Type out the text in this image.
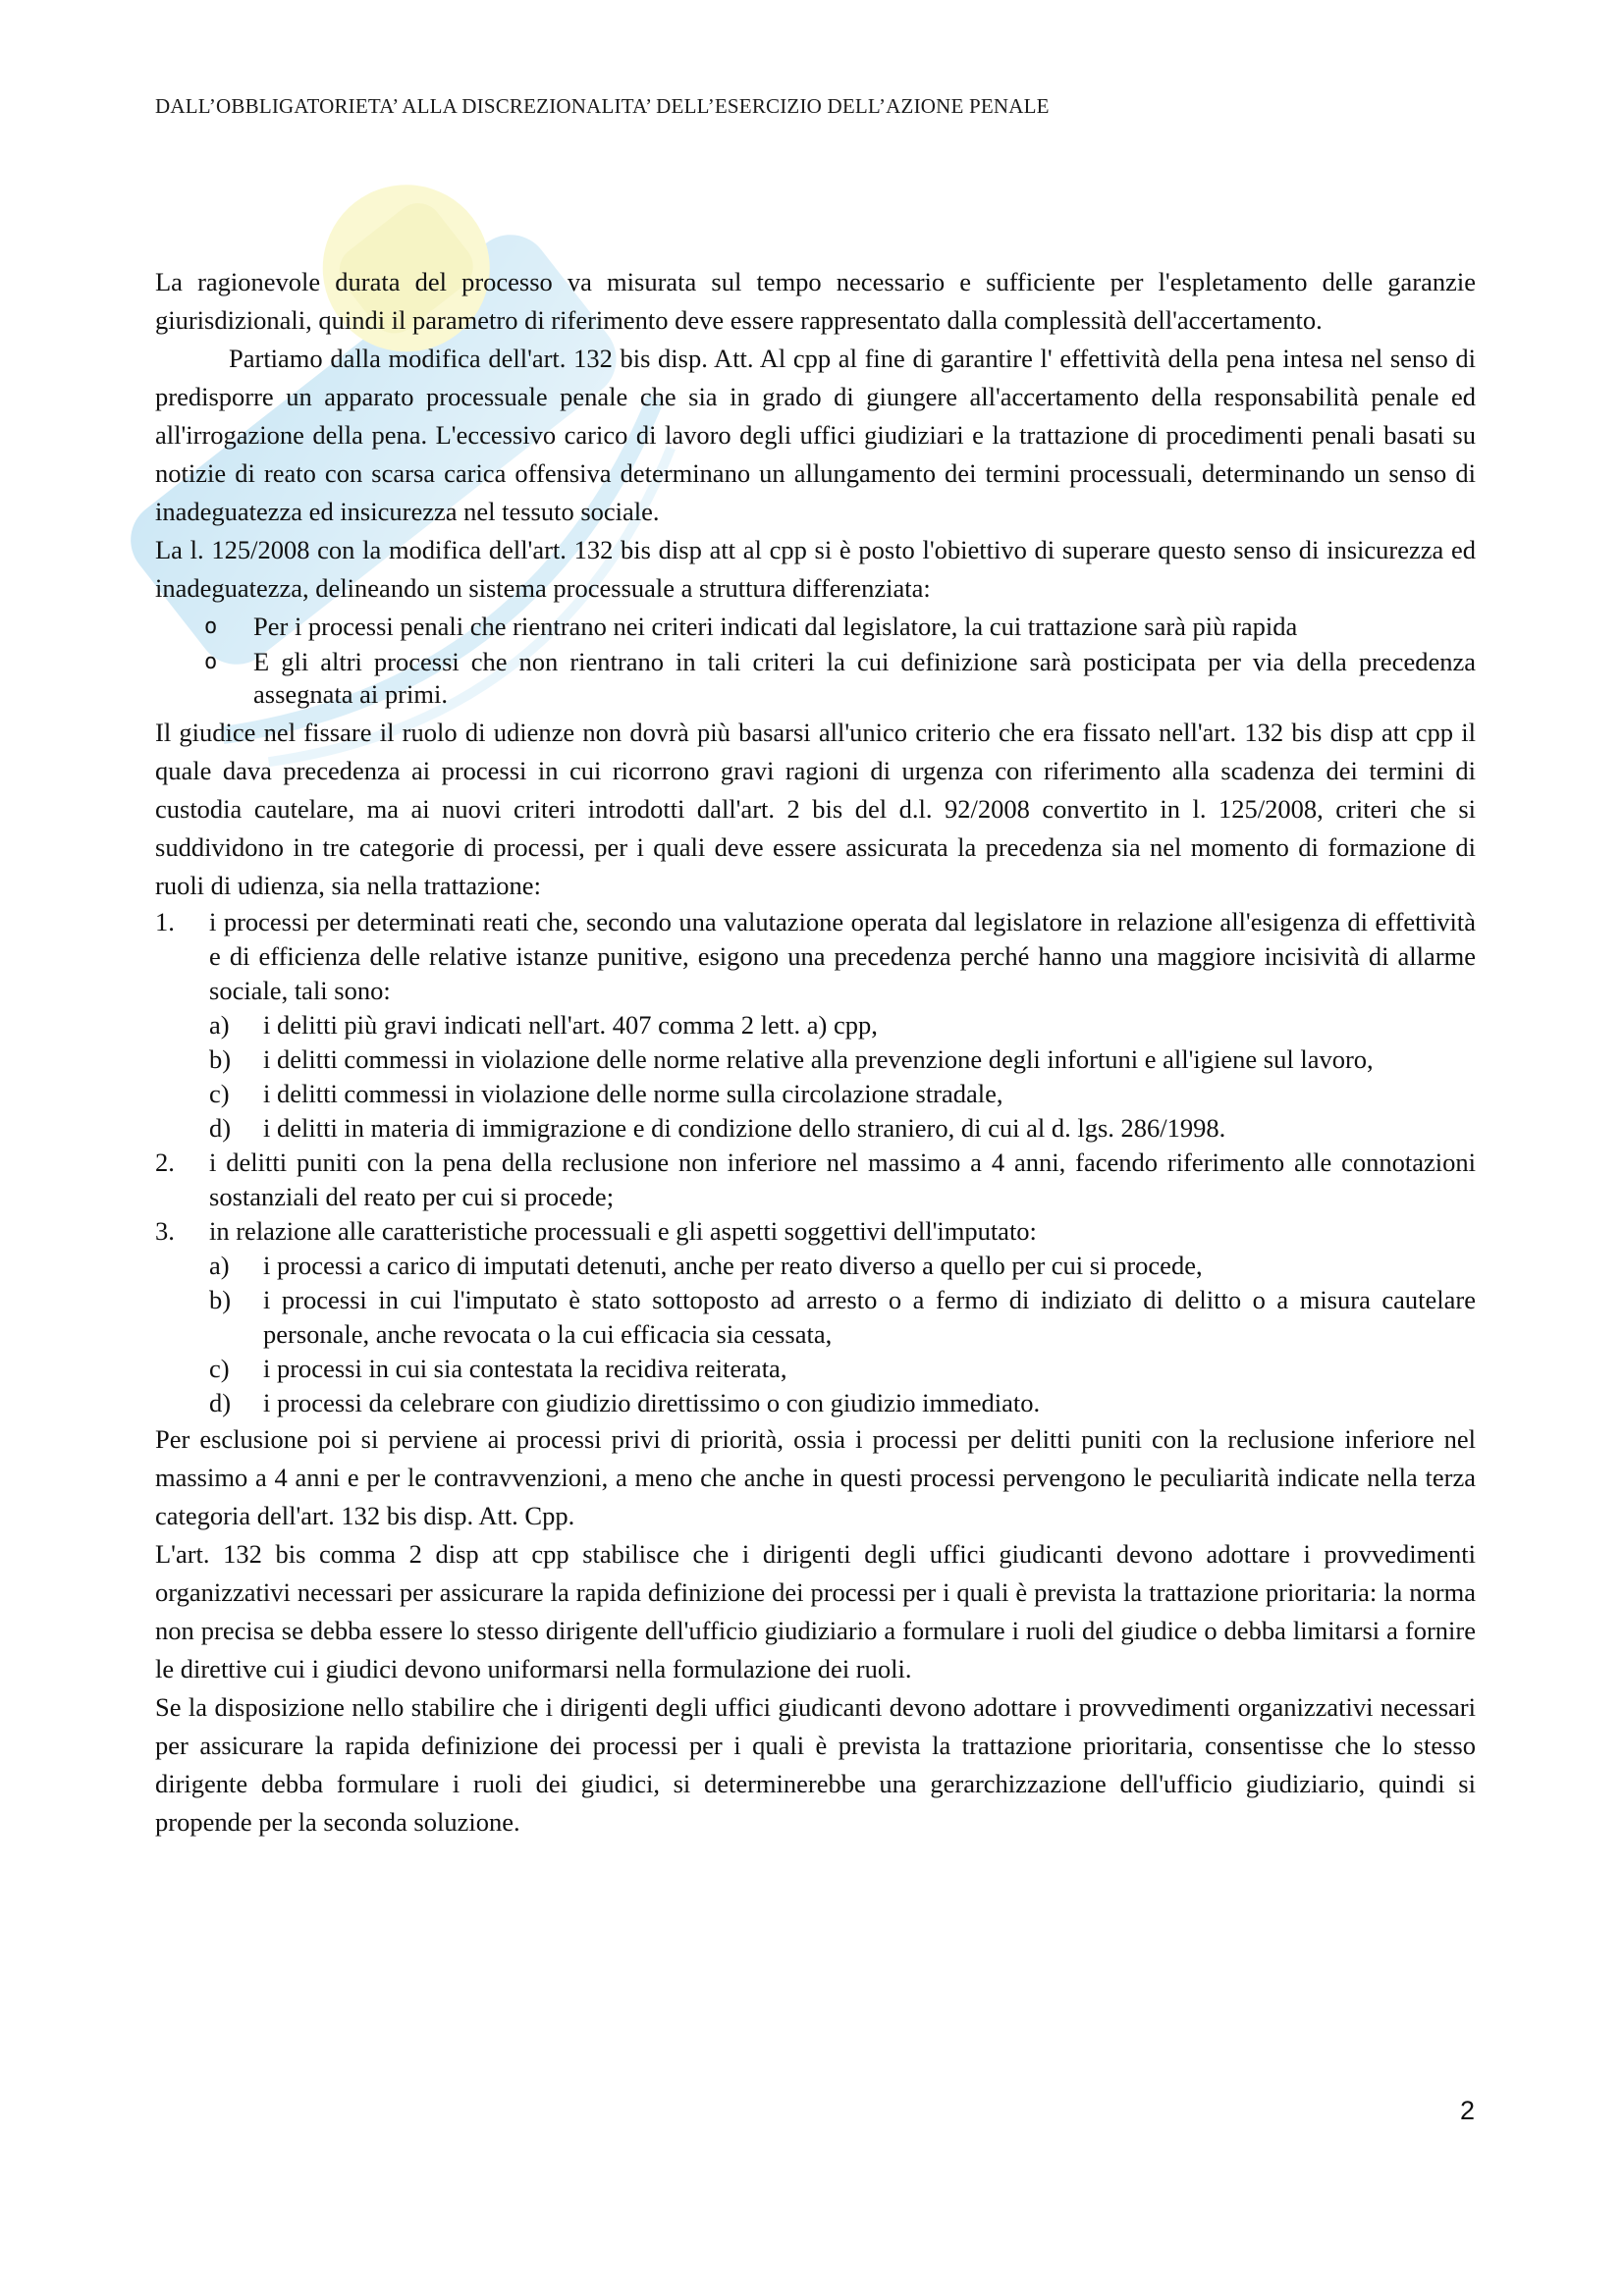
DALL’OBBLIGATORIETA’ ALLA DISCREZIONALITA’ DELL’ESERCIZIO DELL’AZIONE PENALE

La ragionevole durata del processo va misurata sul tempo necessario e sufficiente per l'espletamento delle garanzie giurisdizionali, quindi il parametro di riferimento deve essere rappresentato dalla complessità dell'accertamento.

Partiamo dalla modifica dell'art. 132 bis disp. Att. Al cpp al fine di garantire l' effettività della pena intesa nel senso di predisporre un apparato processuale penale che sia in grado di giungere all'accertamento della responsabilità penale ed all'irrogazione della pena. L'eccessivo carico di lavoro degli uffici giudiziari e la trattazione di procedimenti penali basati su notizie di reato con scarsa carica offensiva determinano un allungamento dei termini processuali, determinando un senso di inadeguatezza ed insicurezza nel tessuto sociale.

La l. 125/2008 con la modifica dell'art. 132 bis disp att al cpp si è posto l'obiettivo di superare questo senso di insicurezza ed inadeguatezza, delineando un sistema processuale a struttura differenziata:

o Per i processi penali che rientrano nei criteri indicati dal legislatore, la cui trattazione sarà più rapida
o E gli altri processi che non rientrano in tali criteri la cui definizione sarà posticipata per via della precedenza assegnata ai primi.

Il giudice nel fissare il ruolo di udienze non dovrà più basarsi all'unico criterio che era fissato nell'art. 132 bis disp att cpp il quale dava precedenza ai processi in cui ricorrono gravi ragioni di urgenza con riferimento alla scadenza dei termini di custodia cautelare, ma ai nuovi criteri introdotti dall'art. 2 bis del d.l. 92/2008 convertito in l. 125/2008, criteri che si suddividono in tre categorie di processi, per i quali deve essere assicurata la precedenza sia nel momento di formazione di ruoli di udienza, sia nella trattazione:

1. i processi per determinati reati che, secondo una valutazione operata dal legislatore in relazione all'esigenza di effettività e di efficienza delle relative istanze punitive, esigono una precedenza perché hanno una maggiore incisività di allarme sociale, tali sono:
a) i delitti più gravi indicati nell'art. 407 comma 2 lett. a) cpp,
b) i delitti commessi in violazione delle norme relative alla prevenzione degli infortuni e all'igiene sul lavoro,
c) i delitti commessi in violazione delle norme sulla circolazione stradale,
d) i delitti in materia di immigrazione e di condizione dello straniero, di cui al d. lgs. 286/1998.
2. i delitti puniti con la pena della reclusione non inferiore nel massimo a 4 anni, facendo riferimento alle connotazioni sostanziali del reato per cui si procede;
3. in relazione alle caratteristiche processuali e gli aspetti soggettivi dell'imputato:
a) i processi a carico di imputati detenuti, anche per reato diverso a quello per cui si procede,
b) i processi in cui l'imputato è stato sottoposto ad arresto o a fermo di indiziato di delitto o a misura cautelare personale, anche revocata o la cui efficacia sia cessata,
c) i processi in cui sia contestata la recidiva reiterata,
d) i processi da celebrare con giudizio direttissimo o con giudizio immediato.

Per esclusione poi si perviene ai processi privi di priorità, ossia i processi per delitti puniti con la reclusione inferiore nel massimo a 4 anni e per le contravvenzioni, a meno che anche in questi processi pervengono le peculiarità indicate nella terza categoria dell'art. 132 bis disp. Att. Cpp.

L'art. 132 bis comma 2 disp att cpp stabilisce che i dirigenti degli uffici giudicanti devono adottare i provvedimenti organizzativi necessari per assicurare la rapida definizione dei processi per i quali è prevista la trattazione prioritaria: la norma non precisa se debba essere lo stesso dirigente dell'ufficio giudiziario a formulare i ruoli del giudice o debba limitarsi a fornire le direttive cui i giudici devono uniformarsi nella formulazione dei ruoli.

Se la disposizione nello stabilire che i dirigenti degli uffici giudicanti devono adottare i provvedimenti organizzativi necessari per assicurare la rapida definizione dei processi per i quali è prevista la trattazione prioritaria, consentisse che lo stesso dirigente debba formulare i ruoli dei giudici, si determinerebbe una gerarchizzazione dell'ufficio giudiziario, quindi si propende per la seconda soluzione.

2
